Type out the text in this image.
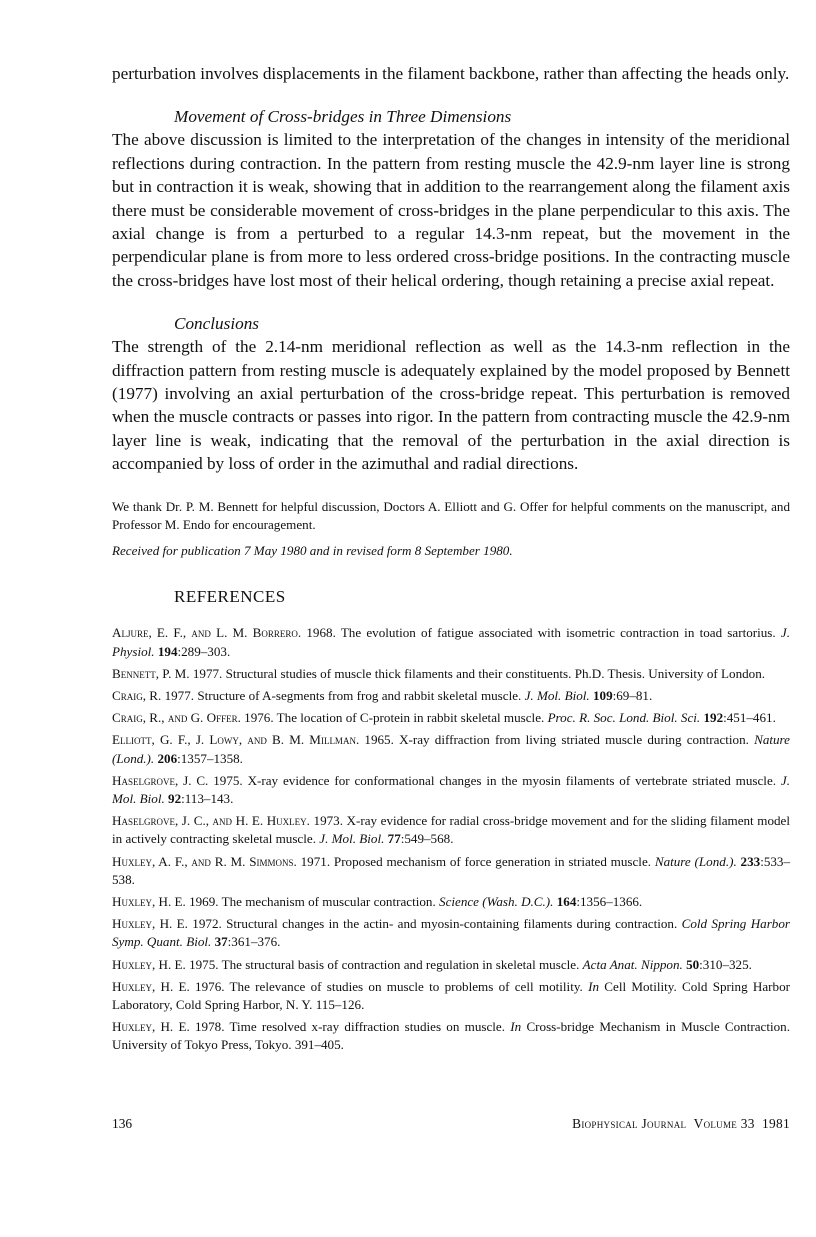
perturbation involves displacements in the filament backbone, rather than affecting the heads only.

Movement of Cross-bridges in Three Dimensions

The above discussion is limited to the interpretation of the changes in intensity of the meridional reflections during contraction. In the pattern from resting muscle the 42.9-nm layer line is strong but in contraction it is weak, showing that in addition to the rearrangement along the filament axis there must be considerable movement of cross-bridges in the plane perpendicular to this axis. The axial change is from a perturbed to a regular 14.3-nm repeat, but the movement in the perpendicular plane is from more to less ordered cross-bridge positions. In the contracting muscle the cross-bridges have lost most of their helical ordering, though retaining a precise axial repeat.

Conclusions

The strength of the 2.14-nm meridional reflection as well as the 14.3-nm reflection in the diffraction pattern from resting muscle is adequately explained by the model proposed by Bennett (1977) involving an axial perturbation of the cross-bridge repeat. This perturbation is removed when the muscle contracts or passes into rigor. In the pattern from contracting muscle the 42.9-nm layer line is weak, indicating that the removal of the perturbation in the axial direction is accompanied by loss of order in the azimuthal and radial directions.

We thank Dr. P. M. Bennett for helpful discussion, Doctors A. Elliott and G. Offer for helpful comments on the manuscript, and Professor M. Endo for encouragement.

Received for publication 7 May 1980 and in revised form 8 September 1980.

REFERENCES
Aljure, E. F., and L. M. Borrero. 1968. The evolution of fatigue associated with isometric contraction in toad sartorius. J. Physiol. 194:289–303.
Bennett, P. M. 1977. Structural studies of muscle thick filaments and their constituents. Ph.D. Thesis. University of London.
Craig, R. 1977. Structure of A-segments from frog and rabbit skeletal muscle. J. Mol. Biol. 109:69–81.
Craig, R., and G. Offer. 1976. The location of C-protein in rabbit skeletal muscle. Proc. R. Soc. Lond. Biol. Sci. 192:451–461.
Elliott, G. F., J. Lowy, and B. M. Millman. 1965. X-ray diffraction from living striated muscle during contraction. Nature (Lond.). 206:1357–1358.
Haselgrove, J. C. 1975. X-ray evidence for conformational changes in the myosin filaments of vertebrate striated muscle. J. Mol. Biol. 92:113–143.
Haselgrove, J. C., and H. E. Huxley. 1973. X-ray evidence for radial cross-bridge movement and for the sliding filament model in actively contracting skeletal muscle. J. Mol. Biol. 77:549–568.
Huxley, A. F., and R. M. Simmons. 1971. Proposed mechanism of force generation in striated muscle. Nature (Lond.). 233:533–538.
Huxley, H. E. 1969. The mechanism of muscular contraction. Science (Wash. D.C.). 164:1356–1366.
Huxley, H. E. 1972. Structural changes in the actin- and myosin-containing filaments during contraction. Cold Spring Harbor Symp. Quant. Biol. 37:361–376.
Huxley, H. E. 1975. The structural basis of contraction and regulation in skeletal muscle. Acta Anat. Nippon. 50:310–325.
Huxley, H. E. 1976. The relevance of studies on muscle to problems of cell motility. In Cell Motility. Cold Spring Harbor Laboratory, Cold Spring Harbor, N. Y. 115–126.
Huxley, H. E. 1978. Time resolved x-ray diffraction studies on muscle. In Cross-bridge Mechanism in Muscle Contraction. University of Tokyo Press, Tokyo. 391–405.
136	Biophysical Journal Volume 33 1981
